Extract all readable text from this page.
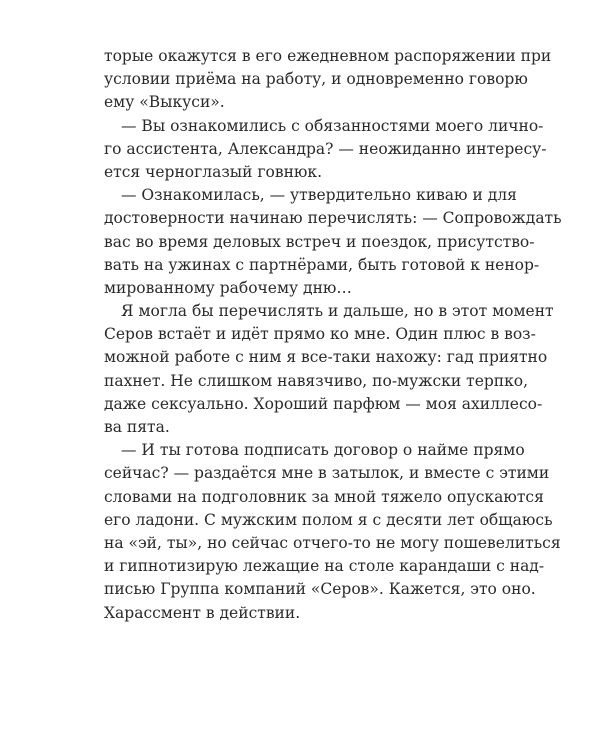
торые окажутся в его ежедневном распоряжении при
условии приёма на работу, и одновременно говорю
ему «Выкуси».
— Вы ознакомились с обязанностями моего лично-
го ассистента, Александра? — неожиданно интересу-
ется черноглазый говнюк.
— Ознакомилась, — утвердительно киваю и для
достоверности начинаю перечислять: — Сопровождать
вас во время деловых встреч и поездок, присутство-
вать на ужинах с партнёрами, быть готовой к ненор-
мированному рабочему дню…
Я могла бы перечислять и дальше, но в этот момент
Серов встаёт и идёт прямо ко мне. Один плюс в воз-
можной работе с ним я все-таки нахожу: гад приятно
пахнет. Не слишком навязчиво, по-мужски терпко,
даже сексуально. Хороший парфюм — моя ахиллесо-
ва пята.
— И ты готова подписать договор о найме прямо
сейчас? — раздаётся мне в затылок, и вместе с этими
словами на подголовник за мной тяжело опускаются
его ладони. С мужским полом я с десяти лет общаюсь
на «эй, ты», но сейчас отчего-то не могу пошевелиться
и гипнотизирую лежащие на столе карандаши с над-
писью Группа компаний «Серов». Кажется, это оно.
Харассмент в действии.
